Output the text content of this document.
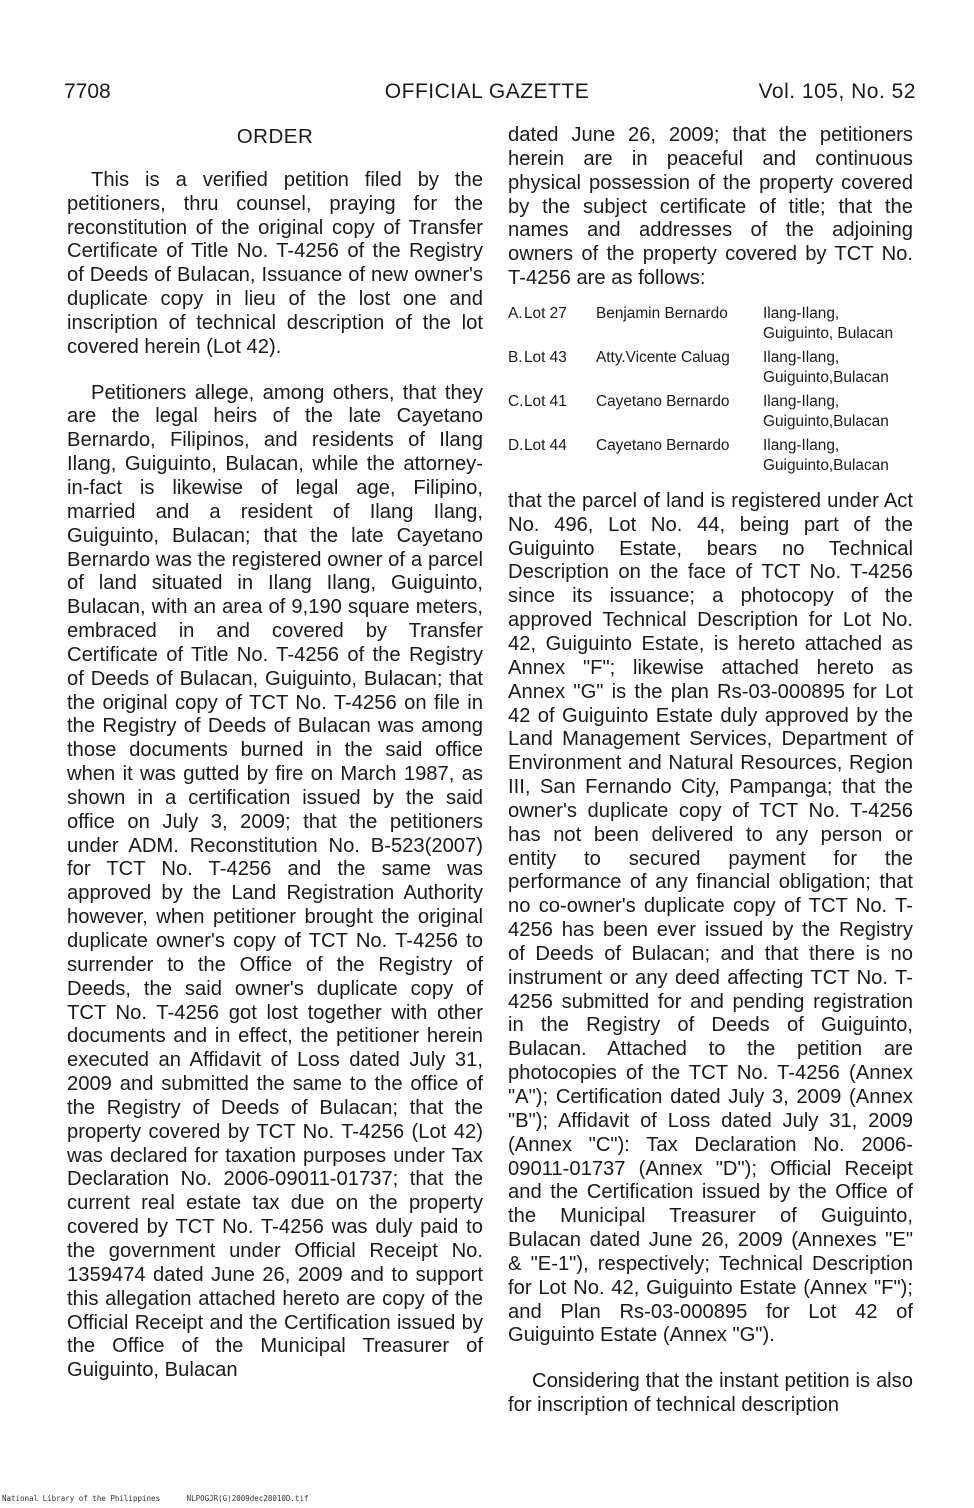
7708	OFFICIAL GAZETTE	Vol. 105, No. 52

ORDER

This is a verified petition filed by the petitioners, thru counsel, praying for the reconstitution of the original copy of Transfer Certificate of Title No. T-4256 of the Registry of Deeds of Bulacan, Issuance of new owner's duplicate copy in lieu of the lost one and inscription of technical description of the lot covered herein (Lot 42).

Petitioners allege, among others, that they are the legal heirs of the late Cayetano Bernardo, Filipinos, and residents of Ilang Ilang, Guiguinto, Bulacan, while the attorney-in-fact is likewise of legal age, Filipino, married and a resident of Ilang Ilang, Guiguinto, Bulacan; that the late Cayetano Bernardo was the registered owner of a parcel of land situated in Ilang Ilang, Guiguinto, Bulacan, with an area of 9,190 square meters, embraced in and covered by Transfer Certificate of Title No. T-4256 of the Registry of Deeds of Bulacan, Guiguinto, Bulacan; that the original copy of TCT No. T-4256 on file in the Registry of Deeds of Bulacan was among those documents burned in the said office when it was gutted by fire on March 1987, as shown in a certification issued by the said office on July 3, 2009; that the petitioners under ADM. Reconstitution No. B-523(2007) for TCT No. T-4256 and the same was approved by the Land Registration Authority however, when petitioner brought the original duplicate owner's copy of TCT No. T-4256 to surrender to the Office of the Registry of Deeds, the said owner's duplicate copy of TCT No. T-4256 got lost together with other documents and in effect, the petitioner herein executed an Affidavit of Loss dated July 31, 2009 and submitted the same to the office of the Registry of Deeds of Bulacan; that the property covered by TCT No. T-4256 (Lot 42) was declared for taxation purposes under Tax Declaration No. 2006-09011-01737; that the current real estate tax due on the property covered by TCT No. T-4256 was duly paid to the government under Official Receipt No. 1359474 dated June 26, 2009 and to support this allegation attached hereto are copy of the Official Receipt and the Certification issued by the Office of the Municipal Treasurer of Guiguinto, Bulacan

dated June 26, 2009; that the petitioners herein are in peaceful and continuous physical possession of the property covered by the subject certificate of title; that the names and addresses of the adjoining owners of the property covered by TCT No. T-4256 are as follows:

A.	Lot 27	Benjamin Bernardo	Ilang-Ilang,
Guiguinto, Bulacan
B.	Lot 43	Atty.Vicente Caluag	Ilang-Ilang,
Guiguinto,Bulacan
C.	Lot 41	Cayetano Bernardo	Ilang-Ilang,
Guiguinto,Bulacan
D.	Lot 44	Cayetano Bernardo	Ilang-Ilang,
Guiguinto,Bulacan

that the parcel of land is registered under Act No. 496, Lot No. 44, being part of the Guiguinto Estate, bears no Technical Description on the face of TCT No. T-4256 since its issuance; a photocopy of the approved Technical Description for Lot No. 42, Guiguinto Estate, is hereto attached as Annex "F"; likewise attached hereto as Annex "G" is the plan Rs-03-000895 for Lot 42 of Guiguinto Estate duly approved by the Land Management Services, Department of Environment and Natural Resources, Region III, San Fernando City, Pampanga; that the owner's duplicate copy of TCT No. T-4256 has not been delivered to any person or entity to secured payment for the performance of any financial obligation; that no co-owner's duplicate copy of TCT No. T-4256 has been ever issued by the Registry of Deeds of Bulacan; and that there is no instrument or any deed affecting TCT No. T-4256 submitted for and pending registration in the Registry of Deeds of Guiguinto, Bulacan. Attached to the petition are photocopies of the TCT No. T-4256 (Annex "A"); Certification dated July 3, 2009 (Annex "B"); Affidavit of Loss dated July 31, 2009 (Annex "C"): Tax Declaration No. 2006-09011-01737 (Annex "D"); Official Receipt and the Certification issued by the Office of the Municipal Treasurer of Guiguinto, Bulacan dated June 26, 2009 (Annexes "E" & "E-1"), respectively; Technical Description for Lot No. 42, Guiguinto Estate (Annex "F"); and Plan Rs-03-000895 for Lot 42 of Guiguinto Estate (Annex "G").

Considering that the instant petition is also for inscription of technical description

National Library of the Philippines	NLPOGJR(G)2009dec28010D.tif
